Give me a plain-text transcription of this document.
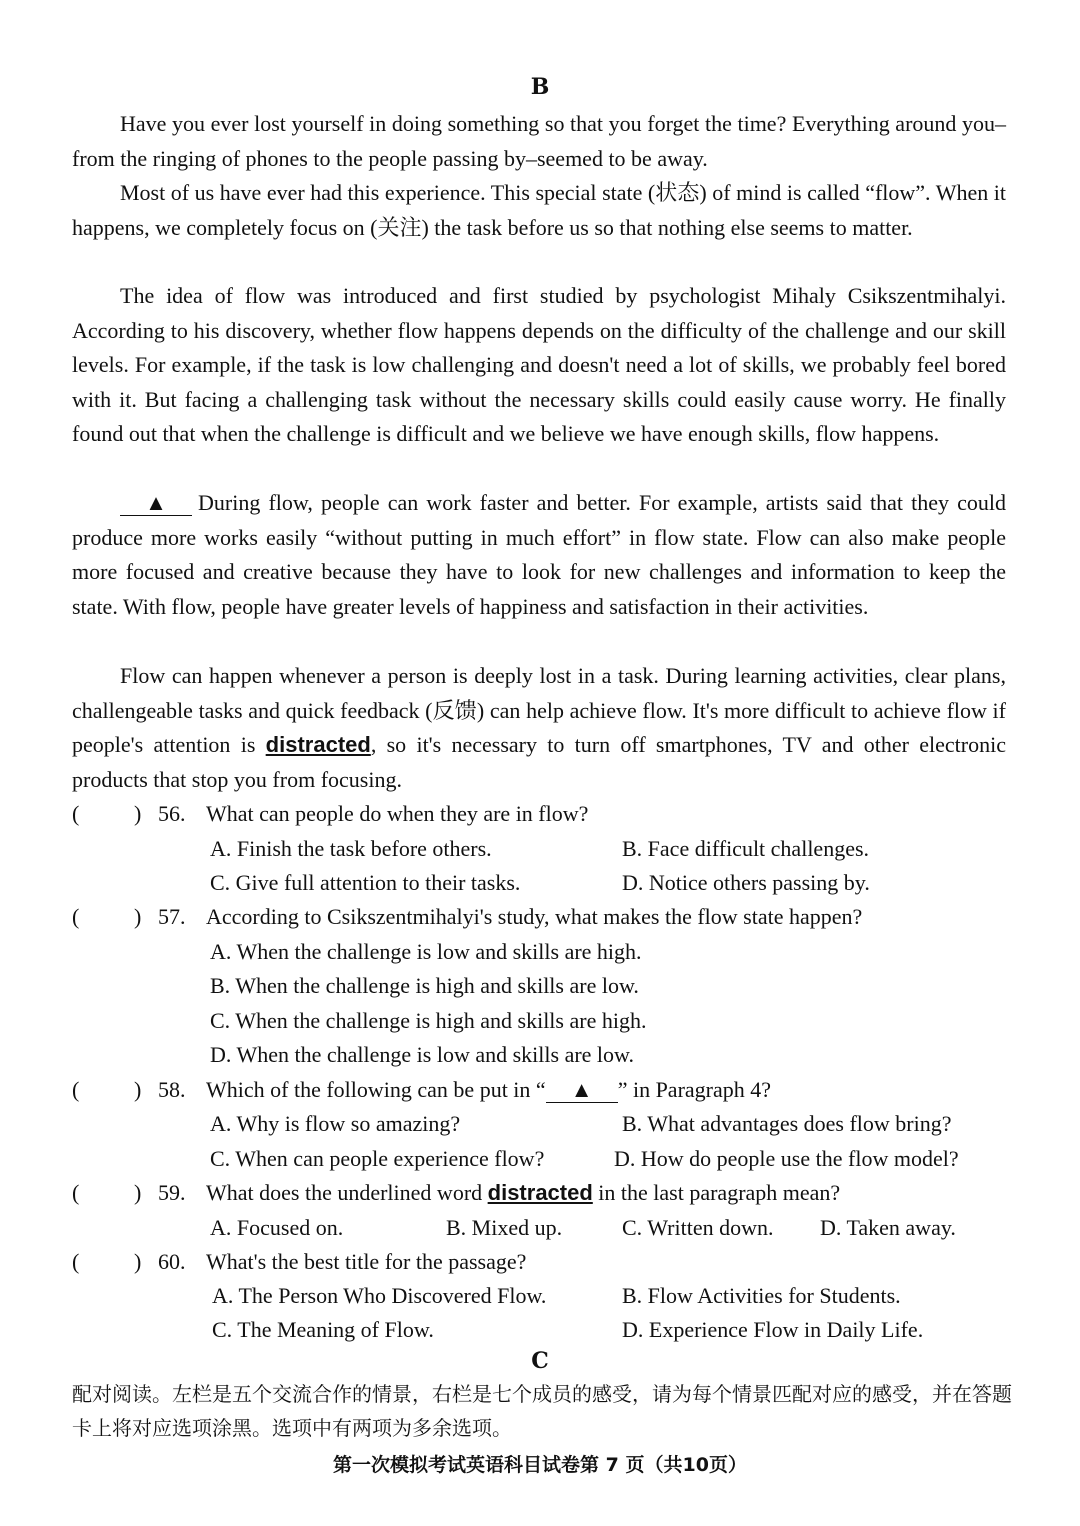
B
Have you ever lost yourself in doing something so that you forget the time? Everything around you–from the ringing of phones to the people passing by–seemed to be away.
Most of us have ever had this experience. This special state (状态) of mind is called “flow”. When it happens, we completely focus on (关注) the task before us so that nothing else seems to matter.
The idea of flow was introduced and first studied by psychologist Mihaly Csikszentmihalyi. According to his discovery, whether flow happens depends on the difficulty of the challenge and our skill levels. For example, if the task is low challenging and doesn't need a lot of skills, we probably feel bored with it. But facing a challenging task without the necessary skills could easily cause worry. He finally found out that when the challenge is difficult and we believe we have enough skills, flow happens.
▲ During flow, people can work faster and better. For example, artists said that they could produce more works easily “without putting in much effort” in flow state. Flow can also make people more focused and creative because they have to look for new challenges and information to keep the state. With flow, people have greater levels of happiness and satisfaction in their activities.
Flow can happen whenever a person is deeply lost in a task. During learning activities, clear plans, challengeable tasks and quick feedback (反馈) can help achieve flow. It's more difficult to achieve flow if people's attention is distracted, so it's necessary to turn off smartphones, TV and other electronic products that stop you from focusing.
( ) 56. What can people do when they are in flow?
A. Finish the task before others.	B. Face difficult challenges.
C. Give full attention to their tasks.	D. Notice others passing by.
( ) 57. According to Csikszentmihalyi's study, what makes the flow state happen?
A. When the challenge is low and skills are high.
B. When the challenge is high and skills are low.
C. When the challenge is high and skills are high.
D. When the challenge is low and skills are low.
( ) 58. Which of the following can be put in “ ▲ ” in Paragraph 4?
A. Why is flow so amazing?	B. What advantages does flow bring?
C. When can people experience flow?	D. How do people use the flow model?
( ) 59. What does the underlined word distracted in the last paragraph mean?
A. Focused on.	B. Mixed up.	C. Written down. D. Taken away.
( ) 60. What's the best title for the passage?
A. The Person Who Discovered Flow.	B. Flow Activities for Students.
C. The Meaning of Flow.	D. Experience Flow in Daily Life.
C
配对阅读。左栏是五个交流合作的情景，右栏是七个成员的感受，请为每个情景匹配对应的感受，并在答题卡上将对应选项涂黑。选项中有两项为多余选项。
第一次模拟考试英语科目试卷第 7 页（共10页）
